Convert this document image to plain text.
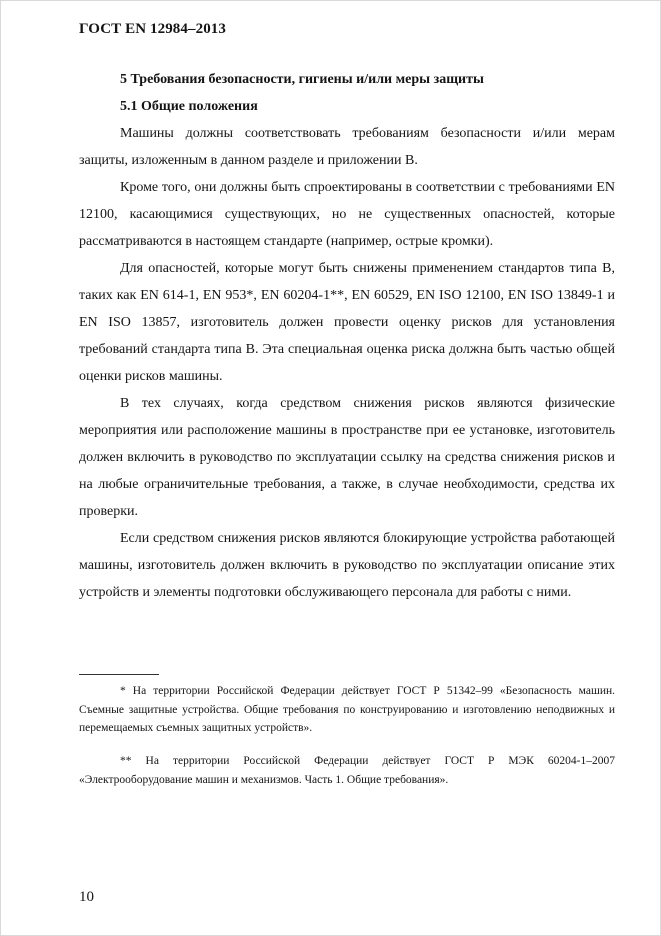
ГОСТ EN 12984–2013

5 Требования безопасности, гигиены и/или меры защиты

5.1 Общие положения

Машины должны соответствовать требованиям безопасности и/или мерам защиты, изложенным в данном разделе и приложении В.

Кроме того, они должны быть спроектированы в соответствии с требованиями EN 12100, касающимися существующих, но не существенных опасностей, которые рассматриваются в настоящем стандарте (например, острые кромки).

Для опасностей, которые могут быть снижены применением стандартов типа В, таких как EN 614-1, EN 953*, EN 60204-1**, EN 60529, EN ISO 12100, EN ISO 13849-1 и EN ISO 13857, изготовитель должен провести оценку рисков для установления требований стандарта типа В. Эта специальная оценка риска должна быть частью общей оценки рисков машины.

В тех случаях, когда средством снижения рисков являются физические мероприятия или расположение машины в пространстве при ее установке, изготовитель должен включить в руководство по эксплуатации ссылку на средства снижения рисков и на любые ограничительные требования, а также, в случае необходимости, средства их проверки.

Если средством снижения рисков являются блокирующие устройства работающей машины, изготовитель должен включить в руководство по эксплуатации описание этих устройств и элементы подготовки обслуживающего персонала для работы с ними.

* На территории Российской Федерации действует ГОСТ Р 51342–99 «Безопасность машин. Съемные защитные устройства. Общие требования по конструированию и изготовлению неподвижных и перемещаемых съемных защитных устройств».

** На территории Российской Федерации действует ГОСТ Р МЭК 60204-1–2007 «Электрооборудование машин и механизмов. Часть 1. Общие требования».

10
